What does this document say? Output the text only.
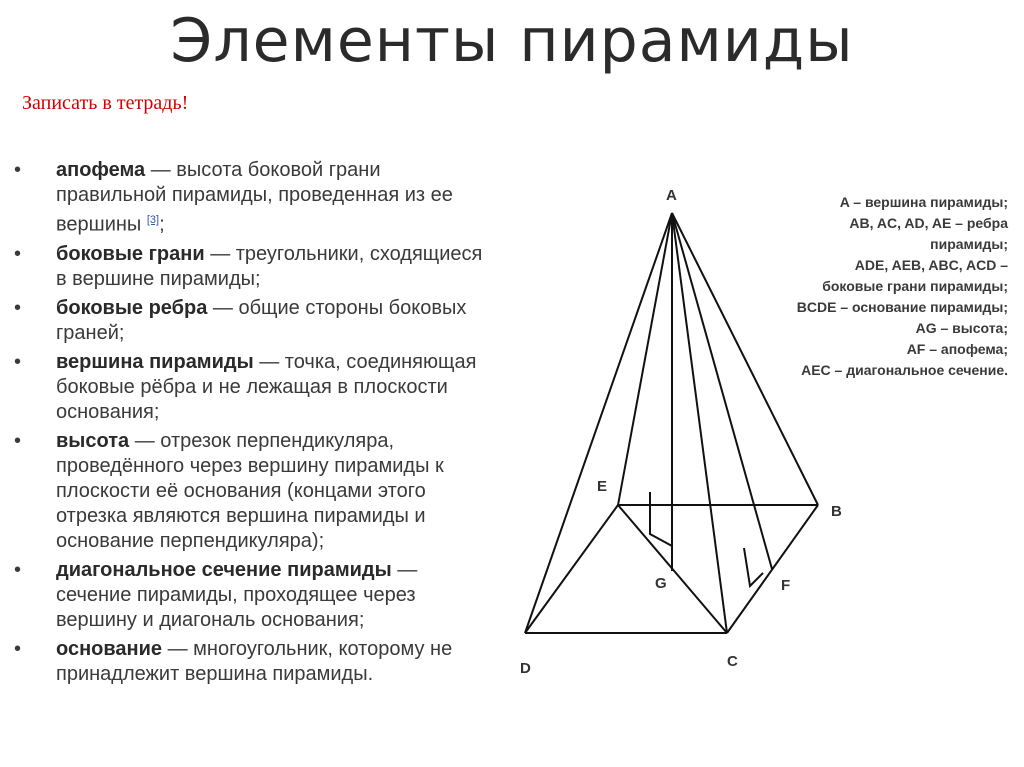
Элементы пирамиды
Записать в тетрадь!
• апофема — высота боковой грани правильной пирамиды, проведенная из ее вершины [3];
• боковые грани — треугольники, сходящиеся в вершине пирамиды;
• боковые ребра — общие стороны боковых граней;
• вершина пирамиды — точка, соединяющая боковые рёбра и не лежащая в плоскости основания;
• высота — отрезок перпендикуляра, проведённого через вершину пирамиды к плоскости её основания (концами этого отрезка являются вершина пирамиды и основание перпендикуляра);
• диагональное сечение пирамиды — сечение пирамиды, проходящее через вершину и диагональ основания;
• основание — многоугольник, которому не принадлежит вершина пирамиды.
A
B
C
D
E
F
G
A – вершина пирамиды;
AB, AC, AD, AE – ребра
пирамиды;
ADE, AEB, ABC, ACD –
боковые грани пирамиды;
BCDE – основание пирамиды;
AG – высота;
AF – апофема;
AEC – диагональное сечение.
